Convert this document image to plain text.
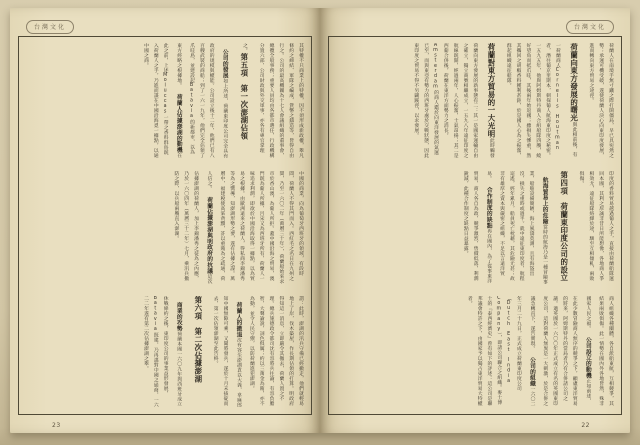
台灣文化
其特權不只商業上的特權，因不須形成新政權，舉凡條約之締結、軍隊之編成、貨幣之鑄造等，皆得自由行之。公司的最高機關為十七人會議組織的董事會，總攬全般事務；重要人員均由各都市選任，行政機構分置六部，公司財政與外交軍事，亦各有專官掌理之。第五項　第一次澎湖佔領公司的發展如上所述，荷蘭東印度公司完全具有政府的規模與權能。公司設立後十二年，他們已有八百艘武裝的商船；到了一六一九年，他們完全佔領了爪哇島，並建設起Batavia的新都市，以為東方經略之根據地。荷蘭人佔據澎湖的動機在此之前，上述Moluccas一帶之香料群島既入荷蘭人之手，乃進而謀在中國沿海覓一據點，以通中國之商。
中國的商業，向為葡萄牙西班牙的領域，有段時間，荷蘭人不得其門而入。西紅毛之名日在九州之間，乃至一六〇二年（萬曆三十年），荷蘭船始來求市於香山澳，為葡人所拒。蓋中國沿海之貿易，澳門既為葡人所據，呂宋又為西班牙所有，荷蘭人一味追求利潤，即欲於中國沿海取得一據點，以為貿易之根據。由歐洲遠來之荷蘭人，得私商李錦潘秀等為之嚮導，知澎湖形勢之要，遂有佔據之謀。萬曆中，福建稅使高寀貪黷，許以重賄為之疏通，荷人信之。荷蘭佔據澎湖與明政府的抗議這次佔據澎湖的荷蘭人，加上李錦潘秀之徒為之內應，乃於一六〇四年（萬曆三十二年）七月，乘汛兵撤防之際，以兵船兩艘直入澎湖。
謂：此時，澎湖的汛兵守備已經撤走，他們就輕易地上了岸，伐木築屋，作長期佔領的打算。明政府得知這一消息，立即嚴令其撤去，荷蘭人置之不理。總兵施德政令都司沈有容將兵往諭，有容負膽智，大聲諭說，詞色俱厲；約以三萬金為賄，亦不為動，並令人民守禦，以防荷蘭進犯澎湖。荷蘭人的撤退沈有容至澎湖責以大義，韋麻郎知中國無隙可乘，又聞將發兵，遂於十月末拔碇而去，第一次佔領澎湖至此告終。第六項　第二次佔據澎湖商業的攻勢荷蘭本國一六〇九年與西班牙成立休戰條約之後，東印度公司的事業益形發展，Batavia既建，乃再謀對中國之通商，一六二二年遂有第二次佔據澎湖之舉。
23
台灣文化
荷蘭人在南境手無寸鐵之際打開僵局，早已具宛然之勢；承運可機受破，遂使荷蘭人決心向東印度發展，進而轉向東方貿易之途徑。荷蘭向東方發展的曙光與此相前後，有一荷蘭商人Cornelis Houtman者，潛往葡京里斯本，刺探葡人航海東印度之秘密。一五九五年，他與阿姆斯特丹商人合組船隊四艘，繞好望角而抵爪哇，其後兩年始返國；雖損失慘重，然其攜回之胡椒香料獲利甚鉅，於是國人心為之振奮，群起組織遠征船隊。荷蘭對東方貿易的一大光明此時觸發荷蘭向東方發展的新事態有二：其一是國家運輸自由之確立，獨立商號相繼成立，一五九八年遠征印度之航線既開，經過兩年，人心振奮，士氣昂揚；其二是西葡合併後，荷蘭在東洋方面勢力之消長。Amsterdam的商人鑑於向東洋發展的氣運已至，而與東亞有勢力的西班牙處於交戰狀態，因此東印度之貿易不得不另闢蹊徑，以求發展。
印度的香料貿易越過葡人之手，直接由荷蘭船隊運回本國，其利之厚誠非昔日所能想像，各地商人爭相效尤，遠征船隊絡繹於途，馴至互相傾軋，兩敗俱傷。第四項　荷蘭東印度公司的設立航海貿易上的危險當時的航海乃是一種冒險事業，船舶設備簡陋，海上風濤莫測，且有海盜出沒，損失之重時或過半。就中遠征東印度者，航程迢遙，經年累月，船員死亡枕藉，其危險尤甚；故非有雄厚之資本與嚴密之組織，不足以言遠洋貿易。合作制度的缺點再在國內，為了從事東洋貿易，商人各自為政，競爭激烈，售價低落，利潤銳減，此種合作制度之缺點日益暴露。
商人組織各種團體，各自派船東航，互相競爭，其結果兩敗俱傷。此一情勢在國內外各地皆然，殊非國家人民之福。公司設立的動機正如前述，在此少數冒險商人無序的競爭之下，顧慮東洋貿易的將來，阿姆斯特丹的當局者乃有合併諸公司之議。適英國於一六〇〇年正式成立有名的英國東印度公司，這對荷蘭人無異是一大刺激，於是合併之議急轉直下，遂告實現。公司的組織一六〇二年三月二十九日，正式成立荷蘭東印度公司（Dutch East India Company），即諸公司聯合之組織。麥士博士的『泰西經濟史』曾有如下的評述：這公司是聯邦議會特許之下，由國家予以獨占東洋貿易大特權者。
22
